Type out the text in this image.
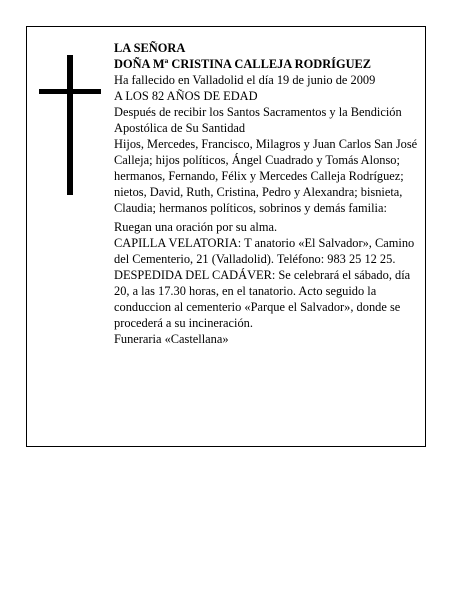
LA SEÑORA

DOÑA Mª CRISTINA CALLEJA RODRÍGUEZ

Ha fallecido en Valladolid el día 19 de junio de 2009

A LOS 82 AÑOS DE EDAD

Después de recibir los Santos Sacramentos y la Bendición Apostólica de Su Santidad

Hijos, Mercedes, Francisco, Milagros y Juan Carlos San José Calleja; hijos políticos, Ángel Cuadrado y Tomás Alonso; hermanos, Fernando, Félix y Mercedes Calleja Rodríguez; nietos, David, Ruth, Cristina, Pedro y Alexandra; bisnieta, Claudia; hermanos políticos, sobrinos y demás familia:

Ruegan una oración por su alma.

CAPILLA VELATORIA: T anatorio «El Salvador», Camino del Cementerio, 21 (Valladolid). Teléfono: 983 25 12 25.

DESPEDIDA DEL CADÁVER: Se celebrará el sábado, día 20, a las 17.30 horas, en el tanatorio. Acto seguido la conduccion al cementerio «Parque el Salvador», donde se procederá a su incineración.

Funeraria «Castellana»
